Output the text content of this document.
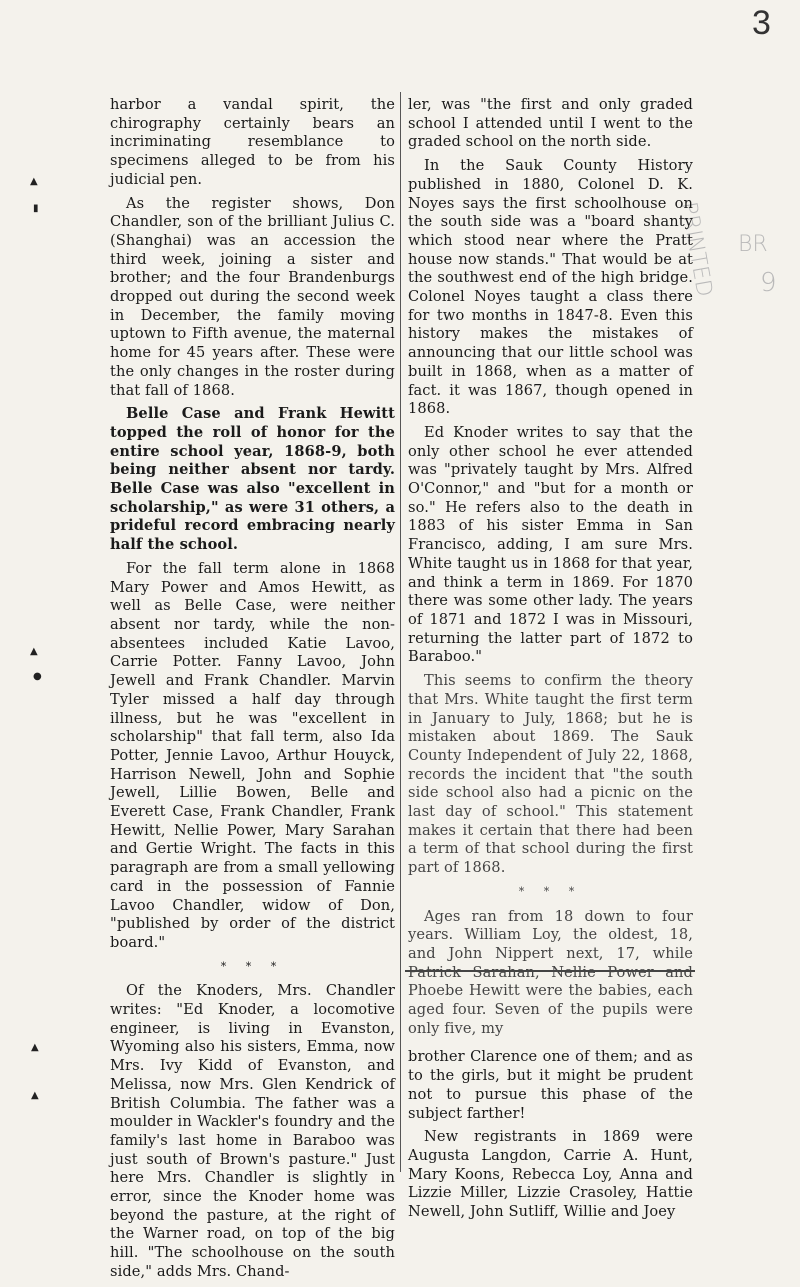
3
PRINTED BR
9
▲
▮
▲
●
▲
▲

harbor a vandal spirit, the chirography certainly bears an incriminating resemblance to specimens alleged to be from his judicial pen.

As the register shows, Don Chandler, son of the brilliant Julius C. (Shanghai) was an accession the third week, joining a sister and brother; and the four Brandenburgs dropped out during the second week in December, the family moving uptown to Fifth avenue, the maternal home for 45 years after. These were the only changes in the roster during that fall of 1868.

Belle Case and Frank Hewitt topped the roll of honor for the entire school year, 1868-9, both being neither absent nor tardy. Belle Case was also "excellent in scholarship," as were 31 others, a prideful record embracing nearly half the school.

For the fall term alone in 1868 Mary Power and Amos Hewitt, as well as Belle Case, were neither absent nor tardy, while the non-absentees included Katie Lavoo, Carrie Potter. Fanny Lavoo, John Jewell and Frank Chandler. Marvin Tyler missed a half day through illness, but he was "excellent in scholarship" that fall term, also Ida Potter, Jennie Lavoo, Arthur Houyck, Harrison Newell, John and Sophie Jewell, Lillie Bowen, Belle and Everett Case, Frank Chandler, Frank Hewitt, Nellie Power, Mary Sarahan and Gertie Wright. The facts in this paragraph are from a small yellowing card in the possession of Fannie Lavoo Chandler, widow of Don, "published by order of the district board."

* * *

Of the Knoders, Mrs. Chandler writes: "Ed Knoder, a locomotive engineer, is living in Evanston, Wyoming also his sisters, Emma, now Mrs. Ivy Kidd of Evanston, and Melissa, now Mrs. Glen Kendrick of British Columbia. The father was a moulder in Wackler's foundry and the family's last home in Baraboo was just south of Brown's pasture." Just here Mrs. Chandler is slightly in error, since the Knoder home was beyond the pasture, at the right of the Warner road, on top of the big hill. "The schoolhouse on the south side," adds Mrs. Chand-

ler, was "the first and only graded school I attended until I went to the graded school on the north side.

In the Sauk County History published in 1880, Colonel D. K. Noyes says the first schoolhouse on the south side was a "board shanty which stood near where the Pratt house now stands." That would be at the southwest end of the high bridge. Colonel Noyes taught a class there for two months in 1847-8. Even this history makes the mistakes of announcing that our little school was built in 1868, when as a matter of fact. it was 1867, though opened in 1868.

Ed Knoder writes to say that the only other school he ever attended was "privately taught by Mrs. Alfred O'Connor," and "but for a month or so." He refers also to the death in 1883 of his sister Emma in San Francisco, adding, I am sure Mrs. White taught us in 1868 for that year, and think a term in 1869. For 1870 there was some other lady. The years of 1871 and 1872 I was in Missouri, returning the latter part of 1872 to Baraboo."

This seems to confirm the theory that Mrs. White taught the first term in January to July, 1868; but he is mistaken about 1869. The Sauk County Independent of July 22, 1868, records the incident that "the south side school also had a picnic on the last day of school." This statement makes it certain that there had been a term of that school during the first part of 1868.

* * *

Ages ran from 18 down to four years. William Loy, the oldest, 18, and John Nippert next, 17, while Patrick Sarahan, Nellie Power and Phoebe Hewitt were the babies, each aged four. Seven of the pupils were only five, my

brother Clarence one of them; and as to the girls, but it might be prudent not to pursue this phase of the subject farther!

New registrants in 1869 were Augusta Langdon, Carrie A. Hunt, Mary Koons, Rebecca Loy, Anna and Lizzie Miller, Lizzie Crasoley, Hattie Newell, John Sutliff, Willie and Joey
